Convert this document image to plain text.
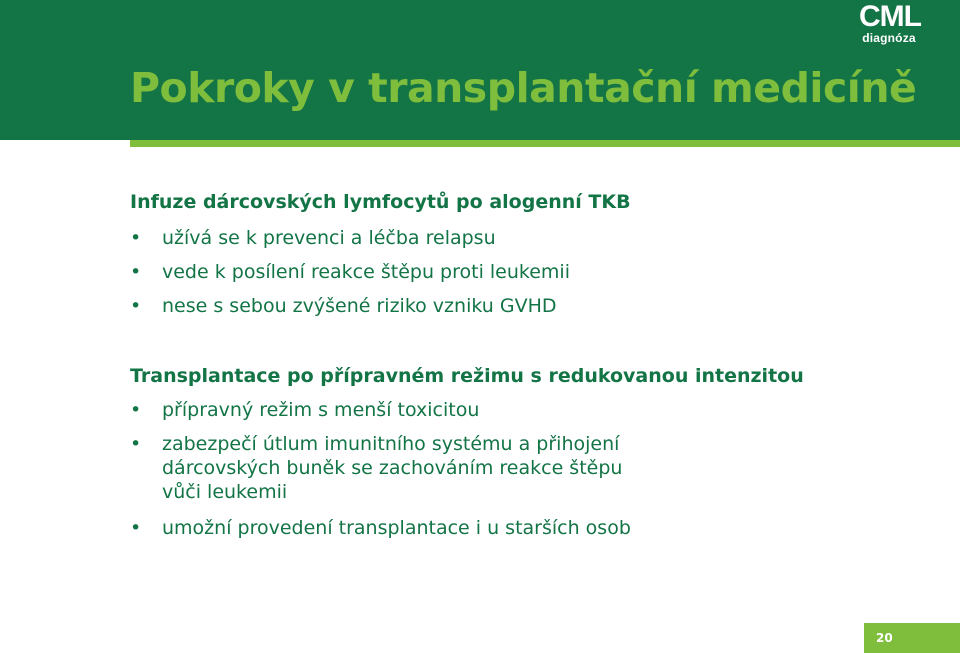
CML
diagnóza
Pokroky v transplantační medicíně
Infuze dárcovských lymfocytů po alogenní TKB
•	užívá se k prevenci a léčba relapsu
•	vede k posílení reakce štěpu proti leukemii
•	nese s sebou zvýšené riziko vzniku GVHD
Transplantace po přípravném režimu s redukovanou intenzitou
•	přípravný režim s menší toxicitou
•	zabezpečí útlum imunitního systému a přihojení
dárcovských buněk se zachováním reakce štěpu
vůči leukemii
•	umožní provedení transplantace i u starších osob
20
